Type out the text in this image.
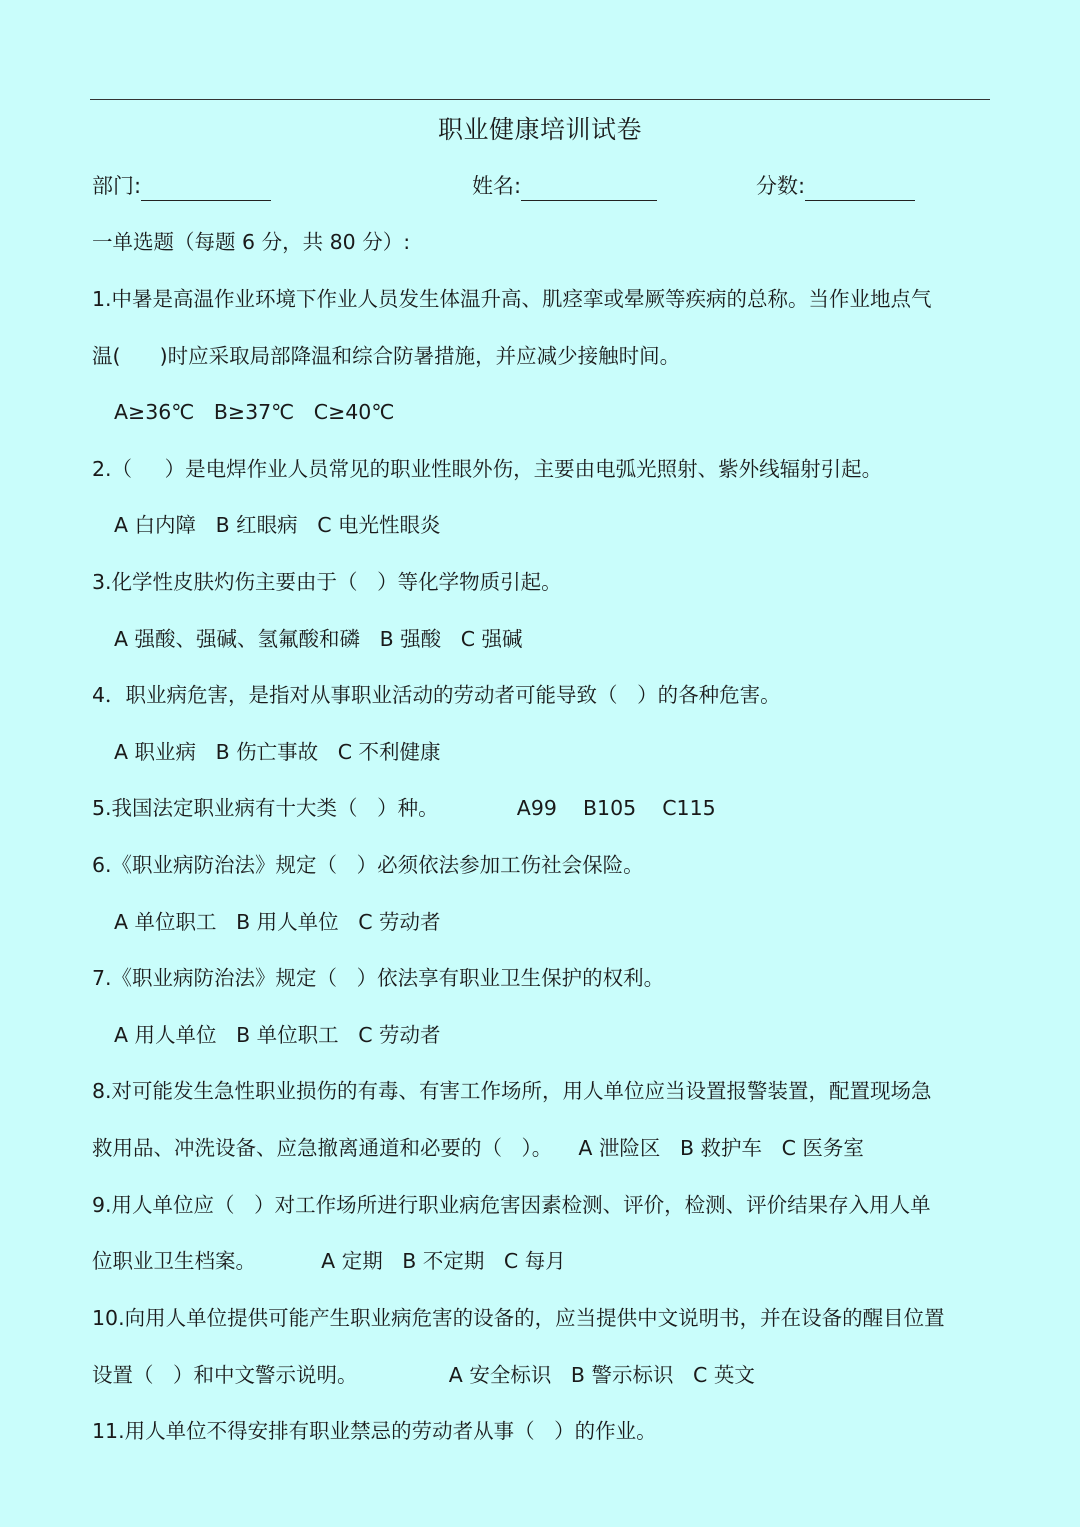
职业健康培训试卷
部门:	姓名:	分数:
一单选题（每题 6 分，共 80 分）:
1.中暑是高温作业环境下作业人员发生体温升高、肌痉挛或晕厥等疾病的总称。当作业地点气
温(      )时应采取局部降温和综合防暑措施，并应减少接触时间。
A≥36℃   B≥37℃   C≥40℃
2.（     ）是电焊作业人员常见的职业性眼外伤，主要由电弧光照射、紫外线辐射引起。
A 白内障   B 红眼病   C 电光性眼炎
3.化学性皮肤灼伤主要由于（   ）等化学物质引起。
A 强酸、强碱、氢氟酸和磷   B 强酸   C 强碱
4．职业病危害，是指对从事职业活动的劳动者可能导致（   ）的各种危害。
A 职业病   B 伤亡事故   C 不利健康
5.我国法定职业病有十大类（   ）种。            A99    B105    C115
6.《职业病防治法》规定（   ）必须依法参加工伤社会保险。
A 单位职工   B 用人单位   C 劳动者
7.《职业病防治法》规定（   ）依法享有职业卫生保护的权利。
A 用人单位   B 单位职工   C 劳动者
8.对可能发生急性职业损伤的有毒、有害工作场所，用人单位应当设置报警装置，配置现场急
救用品、冲洗设备、应急撤离通道和必要的（   ）。    A 泄险区   B 救护车   C 医务室
9.用人单位应（   ）对工作场所进行职业病危害因素检测、评价，检测、评价结果存入用人单
位职业卫生档案。          A 定期   B 不定期   C 每月
10.向用人单位提供可能产生职业病危害的设备的，应当提供中文说明书，并在设备的醒目位置
设置（   ）和中文警示说明。              A 安全标识   B 警示标识   C 英文
11.用人单位不得安排有职业禁忌的劳动者从事（   ）的作业。
